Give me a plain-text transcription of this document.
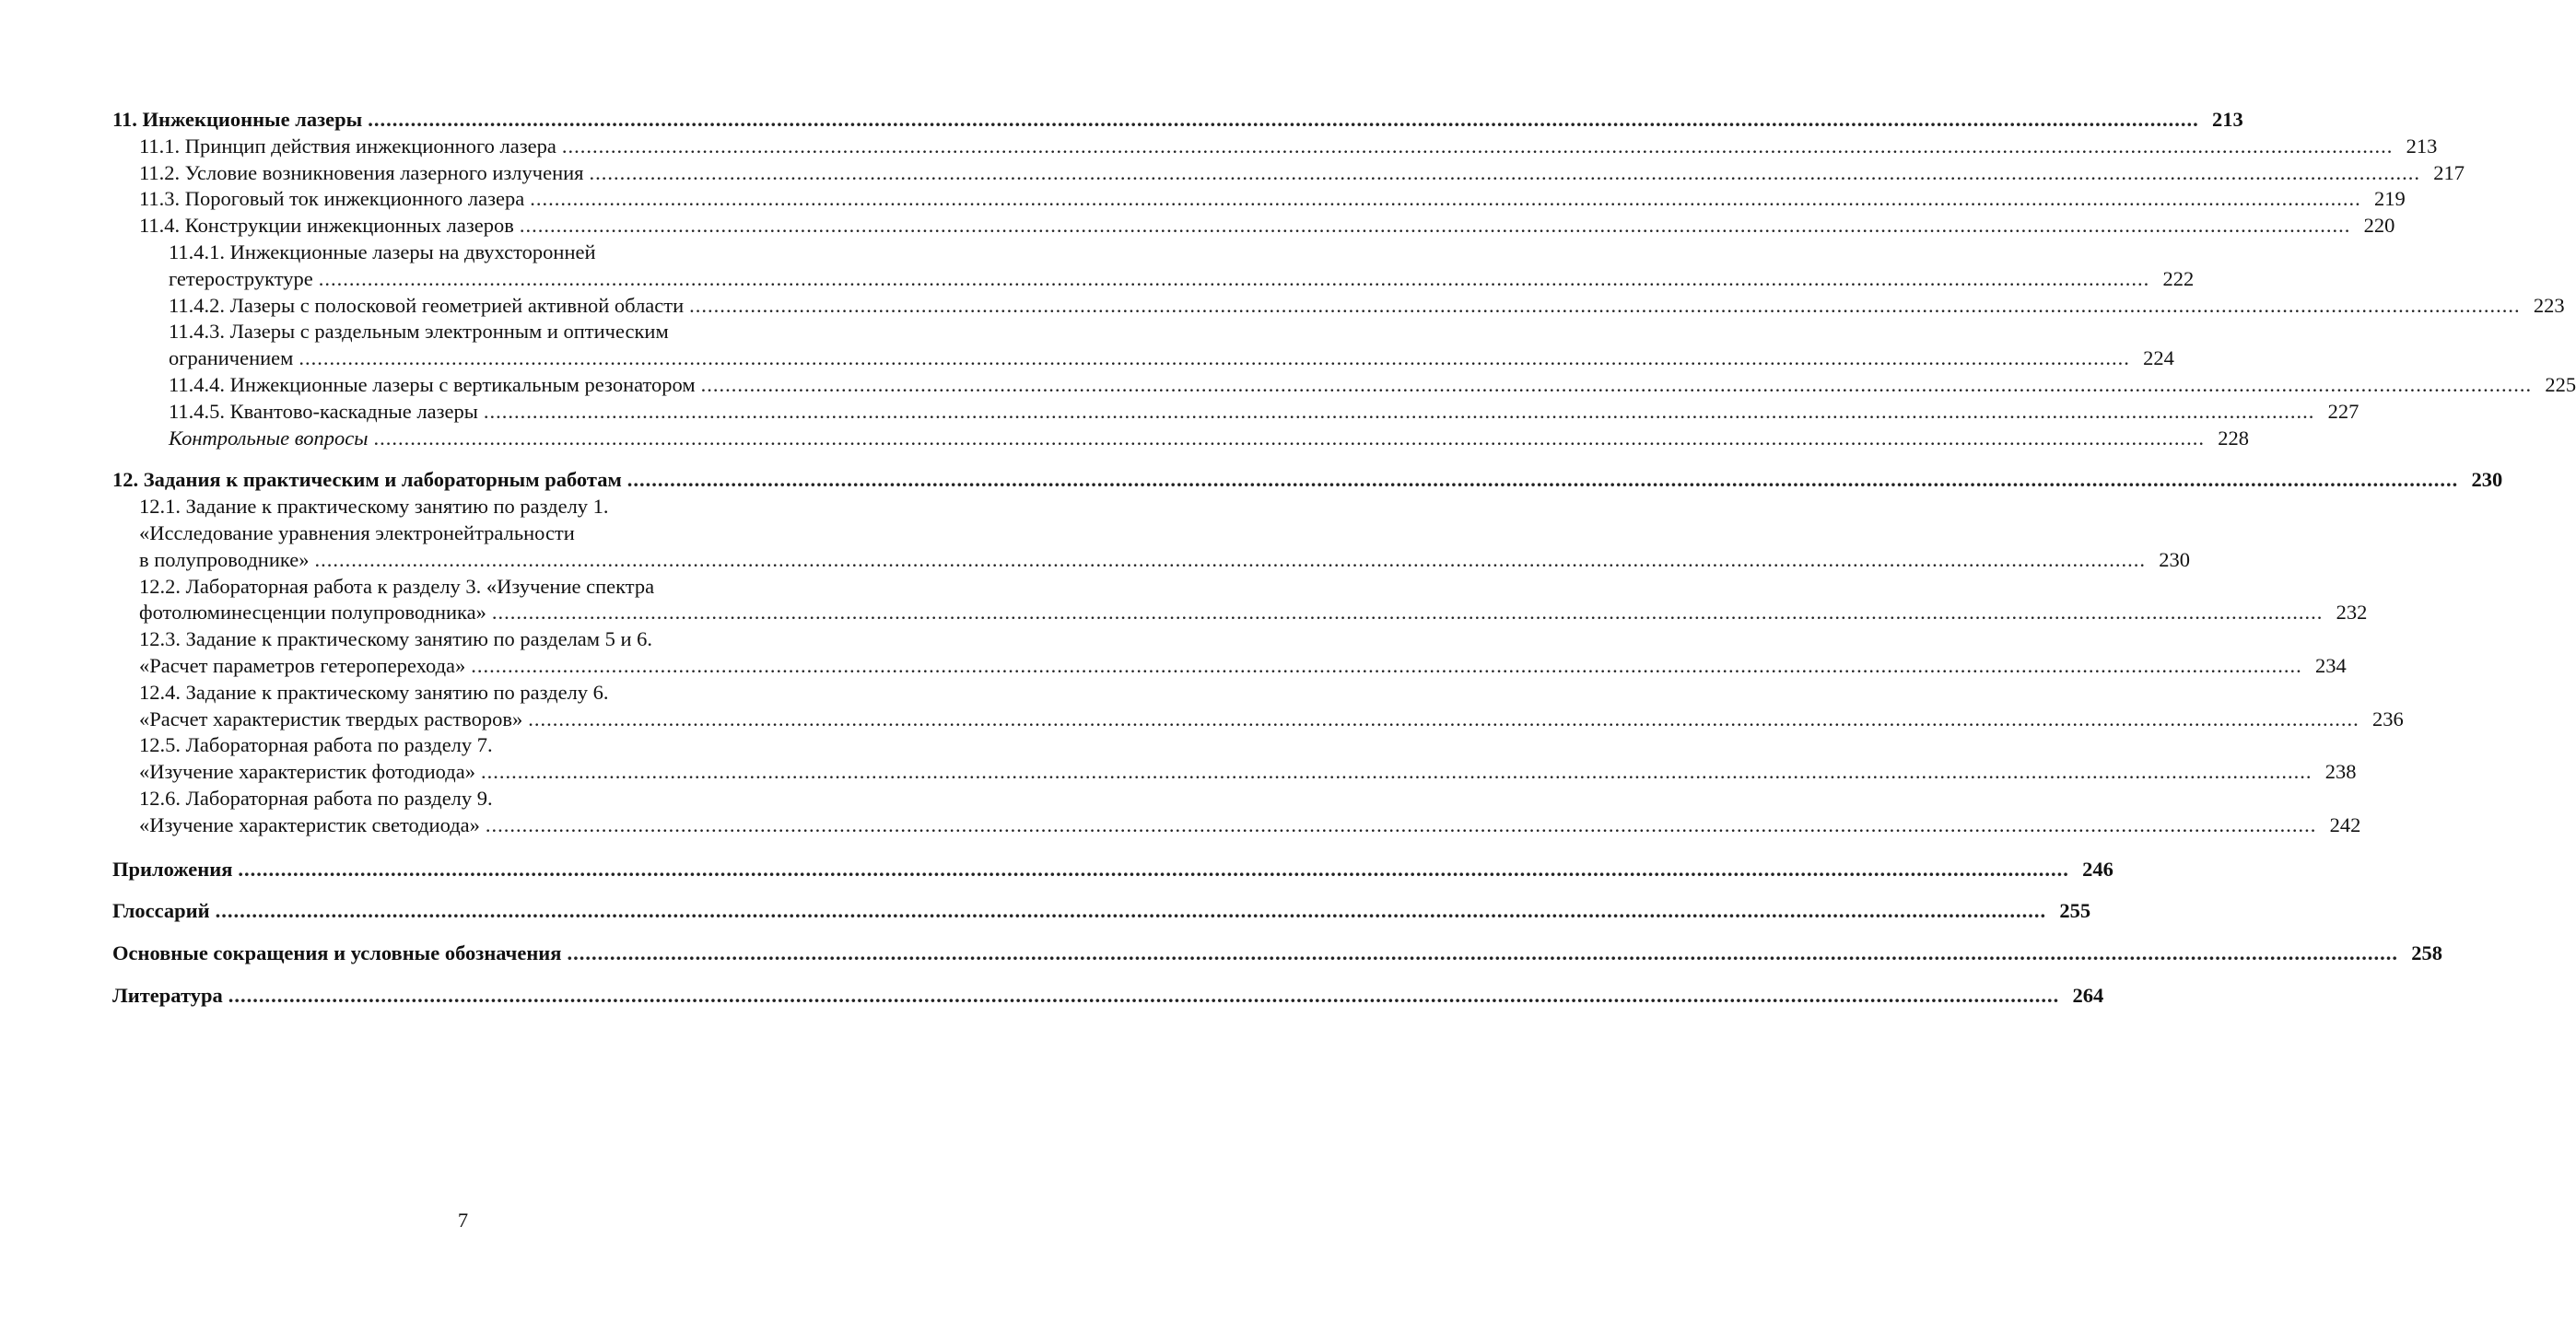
11. Инжекционные лазеры ............................................................................................................................................................................................................................................................................................................ 213
11.1. Принцип действия инжекционного лазера ............................................................................................................................................................................................................................................................................................................ 213
11.2. Условие возникновения лазерного излучения ............................................................................................................................................................................................................................................................................................................ 217
11.3. Пороговый ток инжекционного лазера ............................................................................................................................................................................................................................................................................................................ 219
11.4. Конструкции инжекционных лазеров ............................................................................................................................................................................................................................................................................................................ 220
11.4.1. Инжекционные лазеры на двухсторонней
гетероструктуре ............................................................................................................................................................................................................................................................................................................ 222
11.4.2. Лазеры с полосковой геометрией активной области ............................................................................................................................................................................................................................................................................................................ 223
11.4.3. Лазеры с раздельным электронным и оптическим
ограничением ............................................................................................................................................................................................................................................................................................................ 224
11.4.4. Инжекционные лазеры с вертикальным резонатором ............................................................................................................................................................................................................................................................................................................ 225
11.4.5. Квантово-каскадные лазеры ............................................................................................................................................................................................................................................................................................................ 227
Контрольные вопросы ............................................................................................................................................................................................................................................................................................................ 228
12. Задания к практическим и лабораторным работам ............................................................................................................................................................................................................................................................................................................ 230
12.1. Задание к практическому занятию по разделу 1.
«Исследование уравнения электронейтральности
в полупроводнике» ............................................................................................................................................................................................................................................................................................................ 230
12.2. Лабораторная работа к разделу 3. «Изучение спектра
фотолюминесценции полупроводника» ............................................................................................................................................................................................................................................................................................................ 232
12.3. Задание к практическому занятию по разделам 5 и 6.
«Расчет параметров гетероперехода» ............................................................................................................................................................................................................................................................................................................ 234
12.4. Задание к практическому занятию по разделу 6.
«Расчет характеристик твердых растворов» ............................................................................................................................................................................................................................................................................................................ 236
12.5. Лабораторная работа по разделу 7.
«Изучение характеристик фотодиода» ............................................................................................................................................................................................................................................................................................................ 238
12.6. Лабораторная работа по разделу 9.
«Изучение характеристик светодиода» ............................................................................................................................................................................................................................................................................................................ 242
Приложения ............................................................................................................................................................................................................................................................................................................ 246
Глоссарий ............................................................................................................................................................................................................................................................................................................ 255
Основные сокращения и условные обозначения ............................................................................................................................................................................................................................................................................................................ 258
Литература ............................................................................................................................................................................................................................................................................................................ 264
7
